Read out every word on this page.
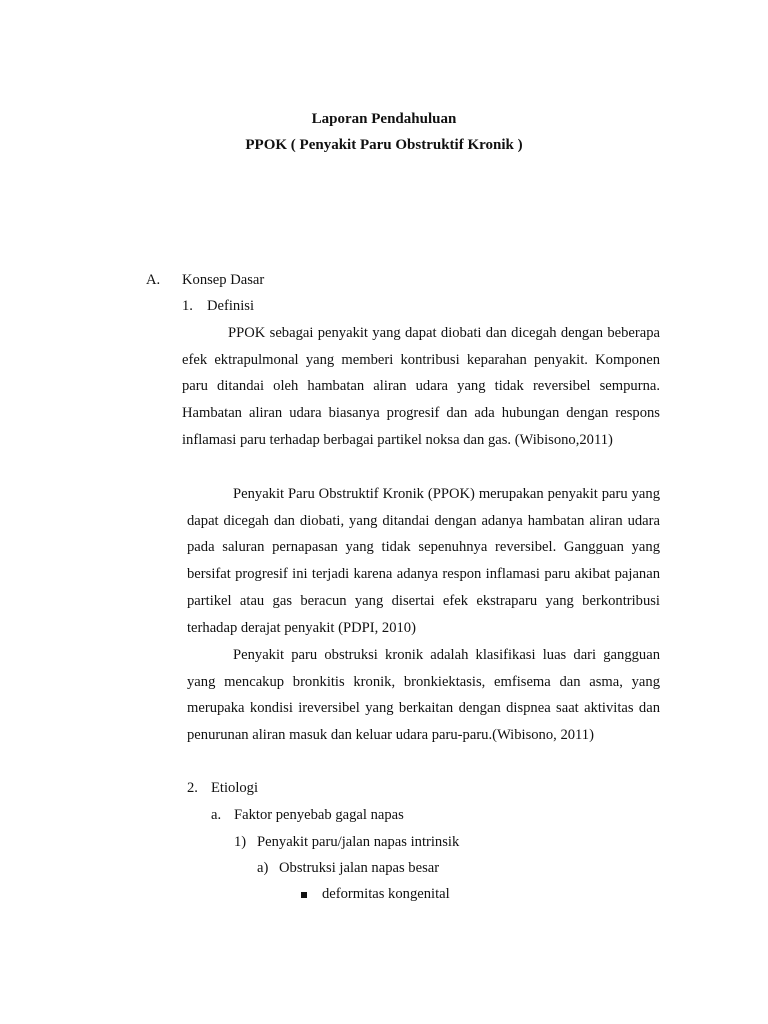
Laporan Pendahuluan
PPOK ( Penyakit Paru Obstruktif Kronik )
A. Konsep Dasar
1. Definisi
PPOK sebagai penyakit yang dapat diobati dan dicegah dengan beberapa efek ektrapulmonal yang memberi kontribusi keparahan penyakit. Komponen paru ditandai oleh hambatan aliran udara yang tidak reversibel sempurna. Hambatan aliran udara biasanya progresif dan ada hubungan dengan respons inflamasi paru terhadap berbagai partikel noksa dan gas. (Wibisono,2011)
Penyakit Paru Obstruktif Kronik (PPOK) merupakan penyakit paru yang dapat dicegah dan diobati, yang ditandai dengan adanya hambatan aliran udara pada saluran pernapasan yang tidak sepenuhnya reversibel. Gangguan yang bersifat progresif ini terjadi karena adanya respon inflamasi paru akibat pajanan partikel atau gas beracun yang disertai efek ekstraparu yang berkontribusi terhadap derajat penyakit (PDPI, 2010)
Penyakit paru obstruksi kronik adalah klasifikasi luas dari gangguan yang mencakup bronkitis kronik, bronkiektasis, emfisema dan asma, yang merupaka kondisi ireversibel yang berkaitan dengan dispnea saat aktivitas dan penurunan aliran masuk dan keluar udara paru-paru.(Wibisono, 2011)
2. Etiologi
a. Faktor penyebab gagal napas
1) Penyakit paru/jalan napas intrinsik
a) Obstruksi jalan napas besar
deformitas kongenital
